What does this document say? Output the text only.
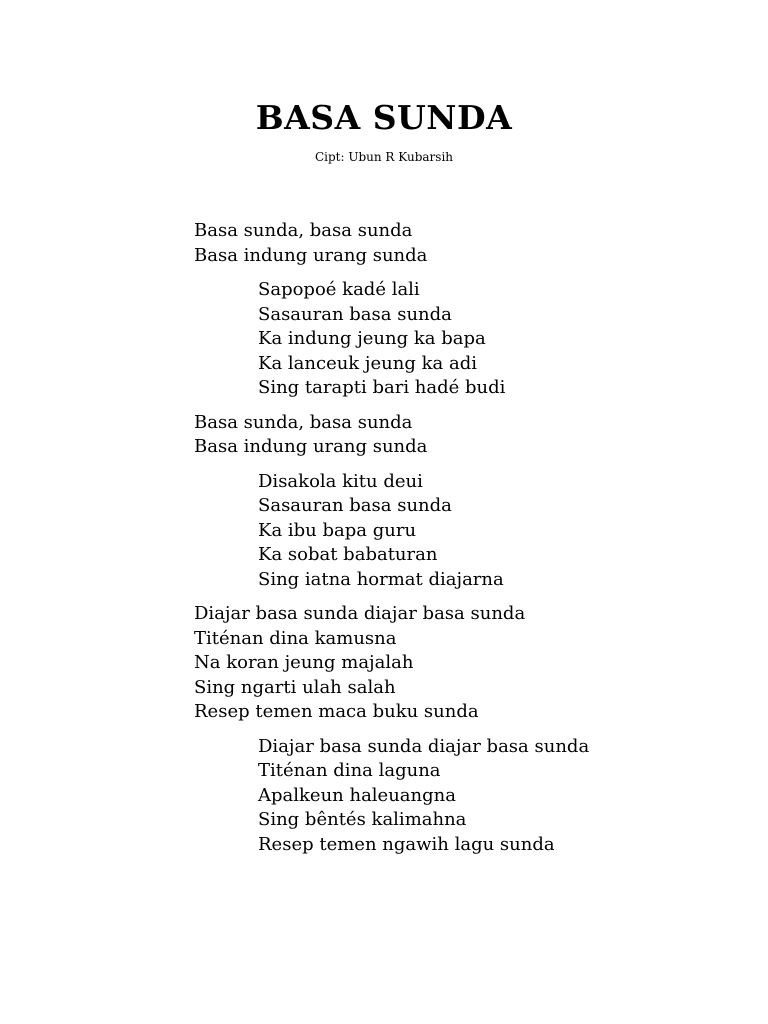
BASA SUNDA

Cipt: Ubun R Kubarsih

Basa sunda, basa sunda
Basa indung urang sunda
Sapopoé kadé lali
Sasauran basa sunda
Ka indung jeung ka bapa
Ka lanceuk jeung ka adi
Sing tarapti bari hadé budi
Basa sunda, basa sunda
Basa indung urang sunda
Disakola kitu deui
Sasauran basa sunda
Ka ibu bapa guru
Ka sobat babaturan
Sing iatna hormat diajarna
Diajar basa sunda diajar basa sunda
Titénan dina kamusna
Na koran jeung majalah
Sing ngarti ulah salah
Resep temen maca buku sunda
Diajar basa sunda diajar basa sunda
Titénan dina laguna
Apalkeun haleuangna
Sing bêntés kalimahna
Resep temen ngawih lagu sunda
